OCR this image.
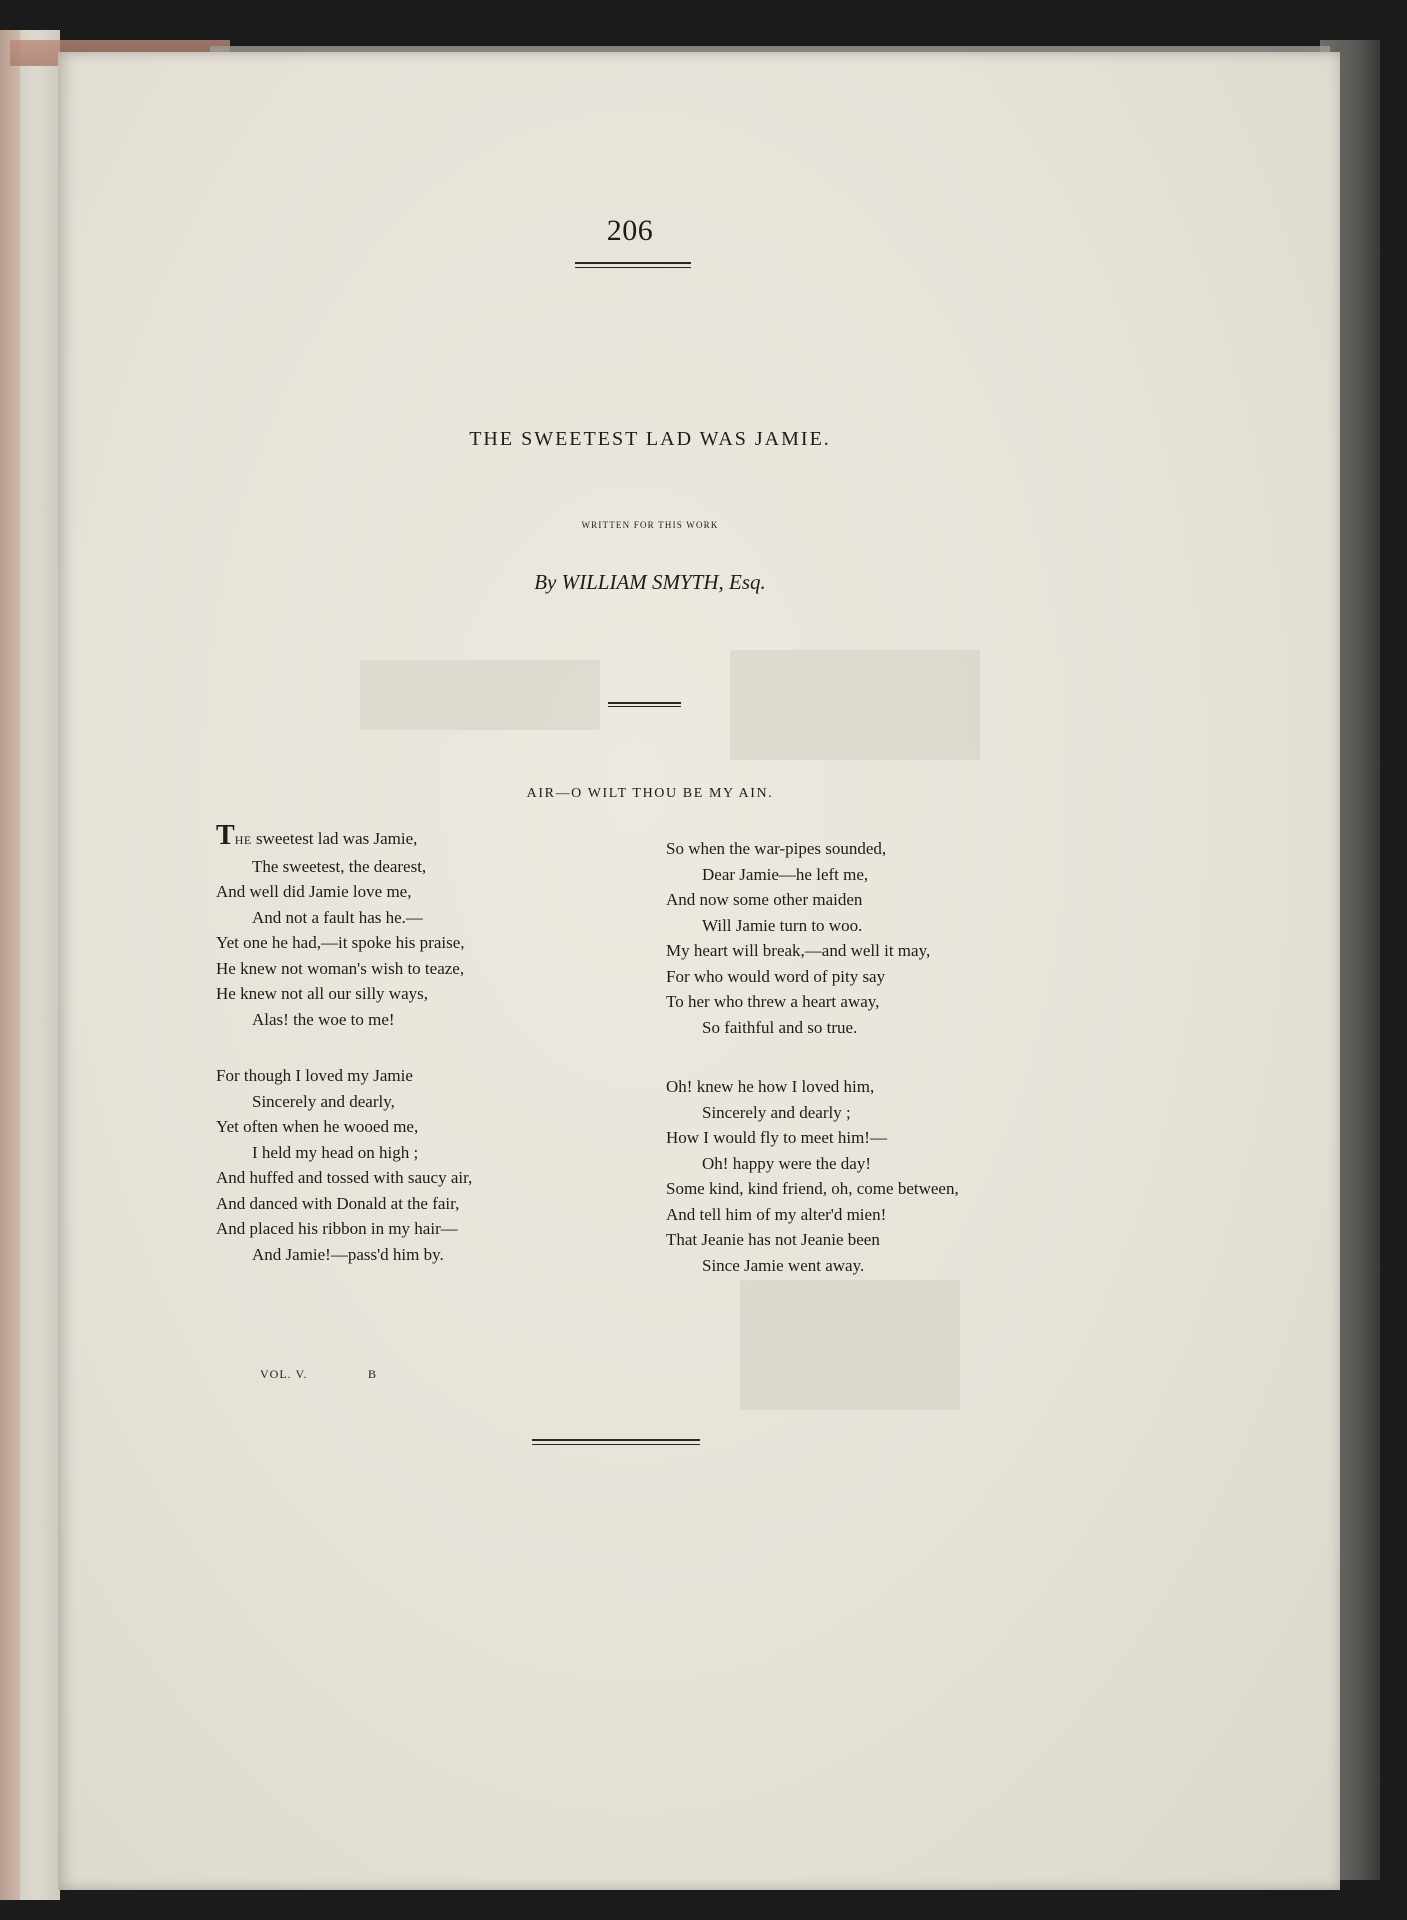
206
THE SWEETEST LAD WAS JAMIE.
WRITTEN FOR THIS WORK
By WILLIAM SMYTH, Esq.
AIR—O WILT THOU BE MY AIN.
THE sweetest lad was Jamie,
The sweetest, the dearest,
And well did Jamie love me,
And not a fault has he.—
Yet one he had,—it spoke his praise,
He knew not woman's wish to teaze,
He knew not all our silly ways,
Alas! the woe to me!
For though I loved my Jamie
Sincerely and dearly,
Yet often when he wooed me,
I held my head on high ;
And huffed and tossed with saucy air,
And danced with Donald at the fair,
And placed his ribbon in my hair—
And Jamie!—pass'd him by.
So when the war-pipes sounded,
Dear Jamie—he left me,
And now some other maiden
Will Jamie turn to woo.
My heart will break,—and well it may,
For who would word of pity say
To her who threw a heart away,
So faithful and so true.
Oh! knew he how I loved him,
Sincerely and dearly ;
How I would fly to meet him!—
Oh! happy were the day!
Some kind, kind friend, oh, come between,
And tell him of my alter'd mien!
That Jeanie has not Jeanie been
Since Jamie went away.
VOL. V.	B
